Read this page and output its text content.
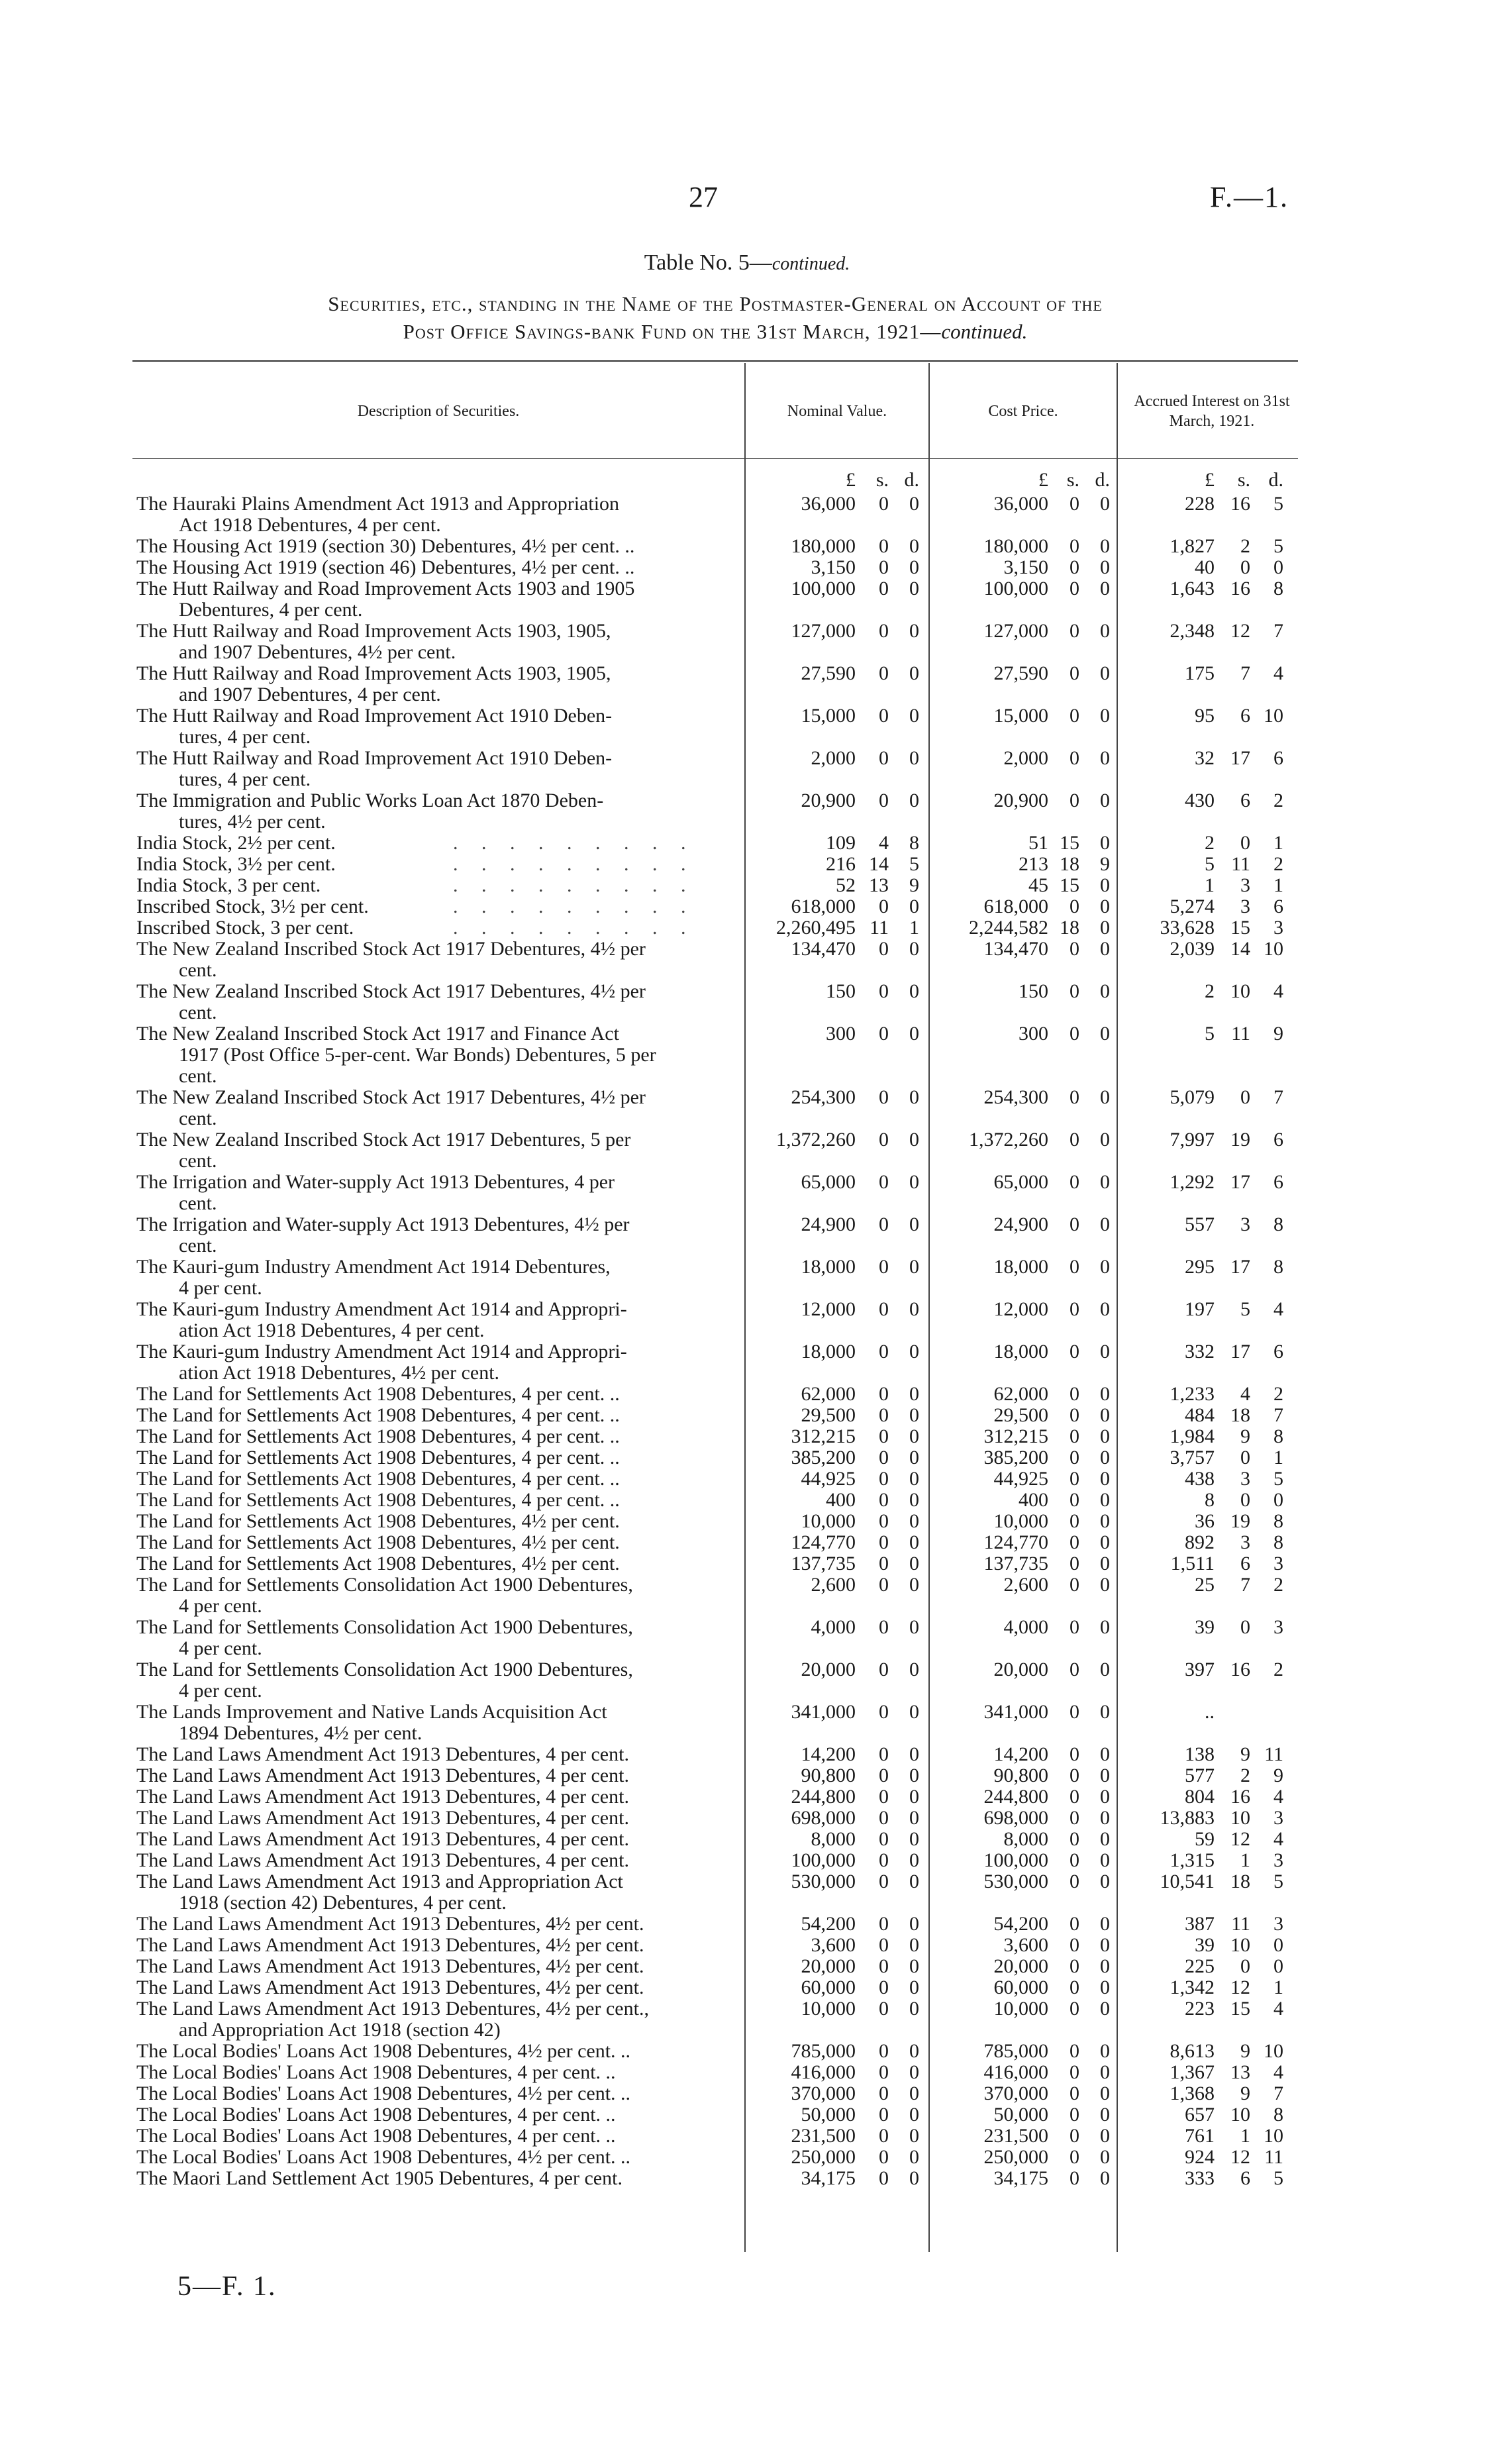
27	F.—1.
Table No. 5—continued.
Securities, etc., standing in the Name of the Postmaster-General on Account of the
Post Office Savings-bank Fund on the 31st March, 1921—continued.
Description of Securities.	Nominal Value.	Cost Price.
Accrued Interest on 31st March, 1921.
£	s. d.	£ s. d.	£	s. d.
The Hauraki Plains Amendment Act 1913 and Appropriation
Act 1918 Debentures, 4 per cent.
36,000	0	0	36,000	0	0	228 16	5
The Housing Act 1919 (section 30) Debentures, 4½ per cent. ..	180,000	0	0	180,000	0	0	1,827	2	5
The Housing Act 1919 (section 46) Debentures, 4½ per cent. ..	3,150	0	0	3,150	0	0	40	0	0
The Hutt Railway and Road Improvement Acts 1903 and 1905
Debentures, 4 per cent.
100,000	0	0	100,000	0	0	1,643 16	8
The Hutt Railway and Road Improvement Acts 1903, 1905,
and 1907 Debentures, 4½ per cent.
127,000	0	0	127,000	0	0	2,348 12	7
The Hutt Railway and Road Improvement Acts 1903, 1905,
and 1907 Debentures, 4 per cent.
27,590	0	0	27,590	0	0	175	7	4
The Hutt Railway and Road Improvement Act 1910 Deben-
tures, 4 per cent.
15,000	0	0	15,000	0	0	95	6 10
The Hutt Railway and Road Improvement Act 1910 Deben-
tures, 4 per cent.
2,000	0	0	2,000	0	0	32 17	6
The Immigration and Public Works Loan Act 1870 Deben-
tures, 4½ per cent.
20,900	0	0	20,900	0	0	430	6	2
India Stock, 2½ per cent.	. . . . . . . . .	109	4	8	51 15	0	2	0	1
India Stock, 3½ per cent.	. . . . . . . . .	216 14	5	213 18	9	5 11	2
India Stock, 3 per cent.	. . . . . . . . .	52 13	9	45 15	0	1	3	1
Inscribed Stock, 3½ per cent.	. . . . . . . . .	618,000	0	0	618,000	0	0	5,274	3	6
Inscribed Stock, 3 per cent.	. . . . . . . . .	2,260,495 11	1	2,244,582 18	0	33,628 15	3
The New Zealand Inscribed Stock Act 1917 Debentures, 4½ per
cent.
134,470	0	0	134,470	0	0	2,039 14 10
The New Zealand Inscribed Stock Act 1917 Debentures, 4½ per
cent.
150	0	0	150	0	0	2 10	4
The New Zealand Inscribed Stock Act 1917 and Finance Act
1917 (Post Office 5-per-cent. War Bonds) Debentures, 5 per
cent.
300	0	0	300	0	0	5 11	9
The New Zealand Inscribed Stock Act 1917 Debentures, 4½ per
cent.
254,300	0	0	254,300	0	0	5,079	0	7
The New Zealand Inscribed Stock Act 1917 Debentures, 5 per
cent.
1,372,260	0	0	1,372,260	0	0	7,997 19	6
The Irrigation and Water-supply Act 1913 Debentures, 4 per
cent.
65,000	0	0	65,000	0	0	1,292 17	6
The Irrigation and Water-supply Act 1913 Debentures, 4½ per
cent.
24,900	0	0	24,900	0	0	557	3	8
The Kauri-gum Industry Amendment Act 1914 Debentures,
4 per cent.
18,000	0	0	18,000	0	0	295 17	8
The Kauri-gum Industry Amendment Act 1914 and Appropri-
ation Act 1918 Debentures, 4 per cent.
12,000	0	0	12,000	0	0	197	5	4
The Kauri-gum Industry Amendment Act 1914 and Appropri-
ation Act 1918 Debentures, 4½ per cent.
18,000	0	0	18,000	0	0	332 17	6
The Land for Settlements Act 1908 Debentures, 4 per cent. ..	62,000	0	0	62,000	0	0	1,233	4	2
The Land for Settlements Act 1908 Debentures, 4 per cent. ..	29,500	0	0	29,500	0	0	484 18	7
The Land for Settlements Act 1908 Debentures, 4 per cent. ..	312,215	0	0	312,215	0	0	1,984	9	8
The Land for Settlements Act 1908 Debentures, 4 per cent. ..	385,200	0	0	385,200	0	0	3,757	0	1
The Land for Settlements Act 1908 Debentures, 4 per cent. ..	44,925	0	0	44,925	0	0	438	3	5
The Land for Settlements Act 1908 Debentures, 4 per cent. ..	400	0	0	400	0	0	8	0	0
The Land for Settlements Act 1908 Debentures, 4½ per cent.	10,000	0	0	10,000	0	0	36 19	8
The Land for Settlements Act 1908 Debentures, 4½ per cent.	124,770	0	0	124,770	0	0	892	3	8
The Land for Settlements Act 1908 Debentures, 4½ per cent.	137,735	0	0	137,735	0	0	1,511	6	3
The Land for Settlements Consolidation Act 1900 Debentures,
4 per cent.
2,600	0	0	2,600	0	0	25	7	2
The Land for Settlements Consolidation Act 1900 Debentures,
4 per cent.
4,000	0	0	4,000	0	0	39	0	3
The Land for Settlements Consolidation Act 1900 Debentures,
4 per cent.
20,000	0	0	20,000	0	0	397 16	2
The Lands Improvement and Native Lands Acquisition Act
1894 Debentures, 4½ per cent.
341,000	0	0	341,000	0	0	..
The Land Laws Amendment Act 1913 Debentures, 4 per cent.	14,200	0	0	14,200	0	0	138	9 11
The Land Laws Amendment Act 1913 Debentures, 4 per cent.	90,800	0	0	90,800	0	0	577	2	9
The Land Laws Amendment Act 1913 Debentures, 4 per cent.	244,800	0	0	244,800	0	0	804 16	4
The Land Laws Amendment Act 1913 Debentures, 4 per cent.	698,000	0	0	698,000	0	0	13,883 10	3
The Land Laws Amendment Act 1913 Debentures, 4 per cent.	8,000	0	0	8,000	0	0	59 12	4
The Land Laws Amendment Act 1913 Debentures, 4 per cent.	100,000	0	0	100,000	0	0	1,315	1	3
The Land Laws Amendment Act 1913 and Appropriation Act
1918 (section 42) Debentures, 4 per cent.
530,000	0	0	530,000	0	0	10,541 18	5
The Land Laws Amendment Act 1913 Debentures, 4½ per cent.	54,200	0	0	54,200	0	0	387 11	3
The Land Laws Amendment Act 1913 Debentures, 4½ per cent.	3,600	0	0	3,600	0	0	39 10	0
The Land Laws Amendment Act 1913 Debentures, 4½ per cent.	20,000	0	0	20,000	0	0	225	0	0
The Land Laws Amendment Act 1913 Debentures, 4½ per cent.	60,000	0	0	60,000	0	0	1,342 12	1
The Land Laws Amendment Act 1913 Debentures, 4½ per cent.,
and Appropriation Act 1918 (section 42)
10,000	0	0	10,000	0	0	223 15	4
The Local Bodies' Loans Act 1908 Debentures, 4½ per cent. ..	785,000	0	0	785,000	0	0	8,613	9 10
The Local Bodies' Loans Act 1908 Debentures, 4 per cent. ..	416,000	0	0	416,000	0	0	1,367 13	4
The Local Bodies' Loans Act 1908 Debentures, 4½ per cent. ..	370,000	0	0	370,000	0	0	1,368	9	7
The Local Bodies' Loans Act 1908 Debentures, 4 per cent. ..	50,000	0	0	50,000	0	0	657 10	8
The Local Bodies' Loans Act 1908 Debentures, 4 per cent. ..	231,500	0	0	231,500	0	0	761	1 10
The Local Bodies' Loans Act 1908 Debentures, 4½ per cent. ..	250,000	0	0	250,000	0	0	924 12 11
The Maori Land Settlement Act 1905 Debentures, 4 per cent.	34,175	0	0	34,175	0	0	333	6	5
5—F. 1.
